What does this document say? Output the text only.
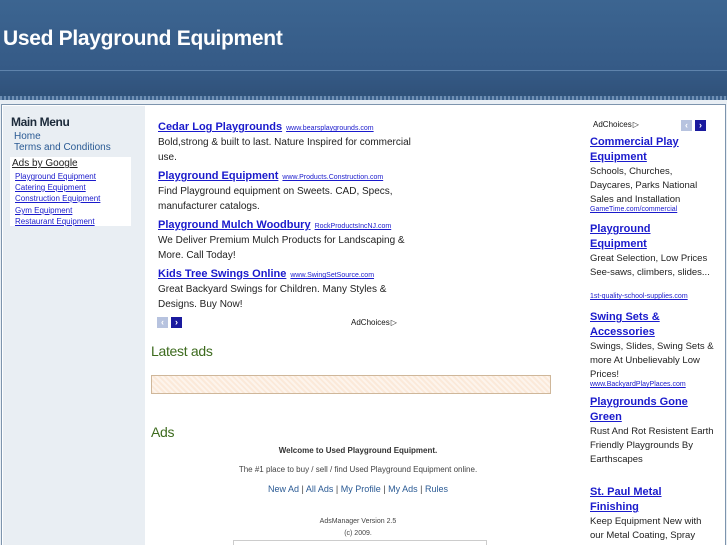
Used Playground Equipment
Main Menu
Home
Terms and Conditions
Ads by Google
Playground Equipment
Catering Equipment
Construction Equipment
Gym Equipment
Restaurant Equipment
Cedar Log Playgrounds www.bearsplaygrounds.com
Bold,strong & built to last. Nature Inspired for commercial use.
Playground Equipment www.Products.Construction.com
Find Playground equipment on Sweets. CAD, Specs, manufacturer catalogs.
Playground Mulch Woodbury RockProductsIncNJ.com
We Deliver Premium Mulch Products for Landscaping & More. Call Today!
Kids Tree Swings Online www.SwingSetSource.com
Great Backyard Swings for Children. Many Styles & Designs. Buy Now!
‹	›	AdChoices▷
AdChoices▷	‹	›
Latest ads
Ads
Welcome to Used Playground Equipment.
The #1 place to buy / sell / find Used Playground Equipment online.
New Ad | All Ads | My Profile | My Ads | Rules
AdsManager Version 2.5
(c) 2009.
Commercial Play Equipment
Schools, Churches, Daycares, Parks National Sales and Installation
GameTime.com/commercial
Playground Equipment
Great Selection, Low Prices See-saws, climbers, slides...
1st-quality-school-supplies.com
Swing Sets & Accessories
Swings, Slides, Swing Sets & more At Unbelievably Low Prices!
www.BackyardPlayPlaces.com
Playgrounds Gone Green
Rust And Rot Resistent Earth Friendly Playgrounds By Earthscapes
St. Paul Metal Finishing
Keep Equipment New with our Metal Coating, Spray
